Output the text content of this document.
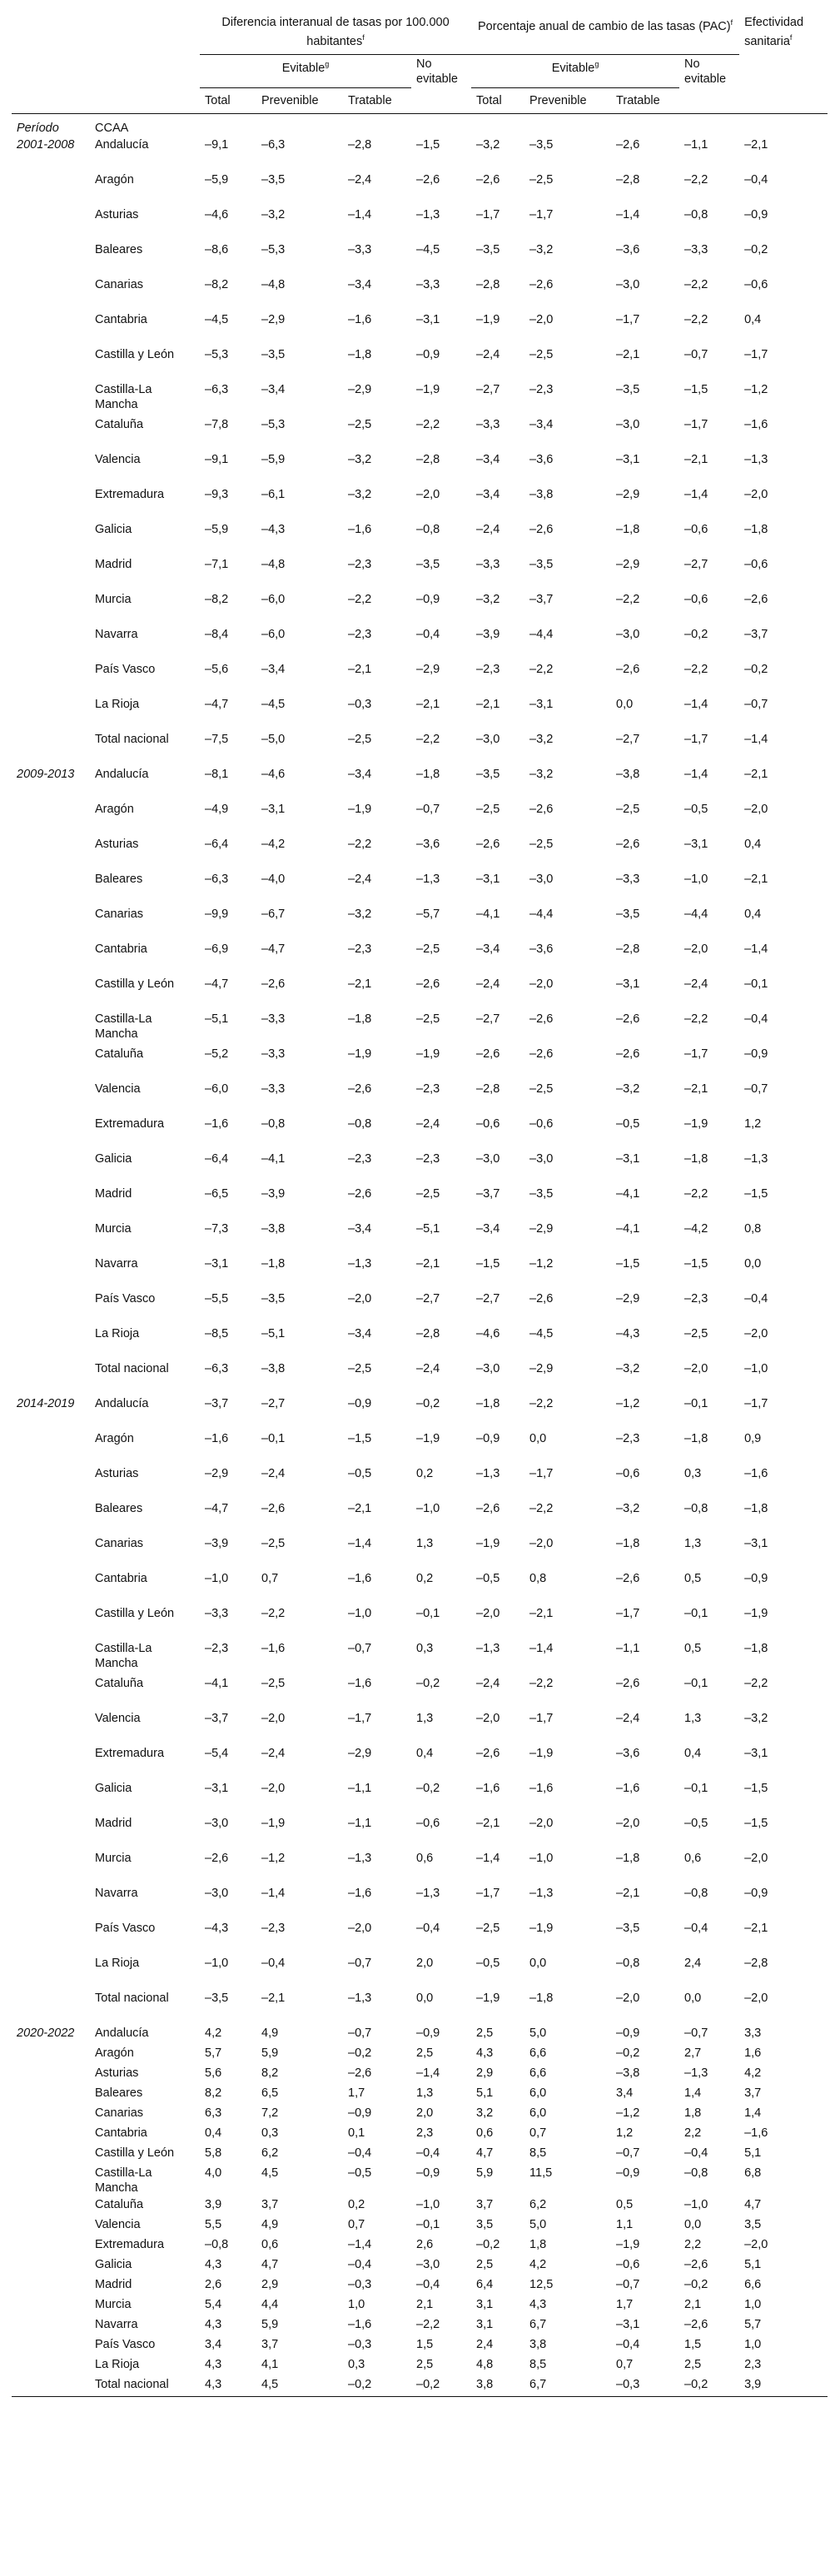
		Diferencia interanual de tasas por 100.000 habitantes$^f$				Porcentaje anual de cambio de las tasas (PAC)$^f$				Efectividad sanitaria$^f$
		Evitable$^g$			No evitable	Evitable$^g$			No evitable	
		Total	Prevenible	Tratable		Total	Prevenible	Tratable		
Período	CCAA									
2001-2008	Andalucía	–9,1	–6,3	–2,8	–1,5	–3,2	–3,5	–2,6	–1,1	–2,1
	Aragón	–5,9	–3,5	–2,4	–2,6	–2,6	–2,5	–2,8	–2,2	–0,4
	Asturias	–4,6	–3,2	–1,4	–1,3	–1,7	–1,7	–1,4	–0,8	–0,9
	Baleares	–8,6	–5,3	–3,3	–4,5	–3,5	–3,2	–3,6	–3,3	–0,2
	Canarias	–8,2	–4,8	–3,4	–3,3	–2,8	–2,6	–3,0	–2,2	–0,6
	Cantabria	–4,5	–2,9	–1,6	–3,1	–1,9	–2,0	–1,7	–2,2	0,4
	Castilla y León	–5,3	–3,5	–1,8	–0,9	–2,4	–2,5	–2,1	–0,7	–1,7
	Castilla-La Mancha	–6,3	–3,4	–2,9	–1,9	–2,7	–2,3	–3,5	–1,5	–1,2
	Cataluña	–7,8	–5,3	–2,5	–2,2	–3,3	–3,4	–3,0	–1,7	–1,6
	Valencia	–9,1	–5,9	–3,2	–2,8	–3,4	–3,6	–3,1	–2,1	–1,3
	Extremadura	–9,3	–6,1	–3,2	–2,0	–3,4	–3,8	–2,9	–1,4	–2,0
	Galicia	–5,9	–4,3	–1,6	–0,8	–2,4	–2,6	–1,8	–0,6	–1,8
	Madrid	–7,1	–4,8	–2,3	–3,5	–3,3	–3,5	–2,9	–2,7	–0,6
	Murcia	–8,2	–6,0	–2,2	–0,9	–3,2	–3,7	–2,2	–0,6	–2,6
	Navarra	–8,4	–6,0	–2,3	–0,4	–3,9	–4,4	–3,0	–0,2	–3,7
	País Vasco	–5,6	–3,4	–2,1	–2,9	–2,3	–2,2	–2,6	–2,2	–0,2
	La Rioja	–4,7	–4,5	–0,3	–2,1	–2,1	–3,1	0,0	–1,4	–0,7
	Total nacional	–7,5	–5,0	–2,5	–2,2	–3,0	–3,2	–2,7	–1,7	–1,4
2009-2013	Andalucía	–8,1	–4,6	–3,4	–1,8	–3,5	–3,2	–3,8	–1,4	–2,1
	Aragón	–4,9	–3,1	–1,9	–0,7	–2,5	–2,6	–2,5	–0,5	–2,0
	Asturias	–6,4	–4,2	–2,2	–3,6	–2,6	–2,5	–2,6	–3,1	0,4
	Baleares	–6,3	–4,0	–2,4	–1,3	–3,1	–3,0	–3,3	–1,0	–2,1
	Canarias	–9,9	–6,7	–3,2	–5,7	–4,1	–4,4	–3,5	–4,4	0,4
	Cantabria	–6,9	–4,7	–2,3	–2,5	–3,4	–3,6	–2,8	–2,0	–1,4
	Castilla y León	–4,7	–2,6	–2,1	–2,6	–2,4	–2,0	–3,1	–2,4	–0,1
	Castilla-La Mancha	–5,1	–3,3	–1,8	–2,5	–2,7	–2,6	–2,6	–2,2	–0,4
	Cataluña	–5,2	–3,3	–1,9	–1,9	–2,6	–2,6	–2,6	–1,7	–0,9
	Valencia	–6,0	–3,3	–2,6	–2,3	–2,8	–2,5	–3,2	–2,1	–0,7
	Extremadura	–1,6	–0,8	–0,8	–2,4	–0,6	–0,6	–0,5	–1,9	1,2
	Galicia	–6,4	–4,1	–2,3	–2,3	–3,0	–3,0	–3,1	–1,8	–1,3
	Madrid	–6,5	–3,9	–2,6	–2,5	–3,7	–3,5	–4,1	–2,2	–1,5
	Murcia	–7,3	–3,8	–3,4	–5,1	–3,4	–2,9	–4,1	–4,2	0,8
	Navarra	–3,1	–1,8	–1,3	–2,1	–1,5	–1,2	–1,5	–1,5	0,0
	País Vasco	–5,5	–3,5	–2,0	–2,7	–2,7	–2,6	–2,9	–2,3	–0,4
	La Rioja	–8,5	–5,1	–3,4	–2,8	–4,6	–4,5	–4,3	–2,5	–2,0
	Total nacional	–6,3	–3,8	–2,5	–2,4	–3,0	–2,9	–3,2	–2,0	–1,0
2014-2019	Andalucía	–3,7	–2,7	–0,9	–0,2	–1,8	–2,2	–1,2	–0,1	–1,7
	Aragón	–1,6	–0,1	–1,5	–1,9	–0,9	0,0	–2,3	–1,8	0,9
	Asturias	–2,9	–2,4	–0,5	0,2	–1,3	–1,7	–0,6	0,3	–1,6
	Baleares	–4,7	–2,6	–2,1	–1,0	–2,6	–2,2	–3,2	–0,8	–1,8
	Canarias	–3,9	–2,5	–1,4	1,3	–1,9	–2,0	–1,8	1,3	–3,1
	Cantabria	–1,0	0,7	–1,6	0,2	–0,5	0,8	–2,6	0,5	–0,9
	Castilla y León	–3,3	–2,2	–1,0	–0,1	–2,0	–2,1	–1,7	–0,1	–1,9
	Castilla-La Mancha	–2,3	–1,6	–0,7	0,3	–1,3	–1,4	–1,1	0,5	–1,8
	Cataluña	–4,1	–2,5	–1,6	–0,2	–2,4	–2,2	–2,6	–0,1	–2,2
	Valencia	–3,7	–2,0	–1,7	1,3	–2,0	–1,7	–2,4	1,3	–3,2
	Extremadura	–5,4	–2,4	–2,9	0,4	–2,6	–1,9	–3,6	0,4	–3,1
	Galicia	–3,1	–2,0	–1,1	–0,2	–1,6	–1,6	–1,6	–0,1	–1,5
	Madrid	–3,0	–1,9	–1,1	–0,6	–2,1	–2,0	–2,0	–0,5	–1,5
	Murcia	–2,6	–1,2	–1,3	0,6	–1,4	–1,0	–1,8	0,6	–2,0
	Navarra	–3,0	–1,4	–1,6	–1,3	–1,7	–1,3	–2,1	–0,8	–0,9
	País Vasco	–4,3	–2,3	–2,0	–0,4	–2,5	–1,9	–3,5	–0,4	–2,1
	La Rioja	–1,0	–0,4	–0,7	2,0	–0,5	0,0	–0,8	2,4	–2,8
	Total nacional	–3,5	–2,1	–1,3	0,0	–1,9	–1,8	–2,0	0,0	–2,0
2020-2022	Andalucía	4,2	4,9	–0,7	–0,9	2,5	5,0	–0,9	–0,7	3,3
	Aragón	5,7	5,9	–0,2	2,5	4,3	6,6	–0,2	2,7	1,6
	Asturias	5,6	8,2	–2,6	–1,4	2,9	6,6	–3,8	–1,3	4,2
	Baleares	8,2	6,5	1,7	1,3	5,1	6,0	3,4	1,4	3,7
	Canarias	6,3	7,2	–0,9	2,0	3,2	6,0	–1,2	1,8	1,4
	Cantabria	0,4	0,3	0,1	2,3	0,6	0,7	1,2	2,2	–1,6
	Castilla y León	5,8	6,2	–0,4	–0,4	4,7	8,5	–0,7	–0,4	5,1
	Castilla-La Mancha	4,0	4,5	–0,5	–0,9	5,9	11,5	–0,9	–0,8	6,8
	Cataluña	3,9	3,7	0,2	–1,0	3,7	6,2	0,5	–1,0	4,7
	Valencia	5,5	4,9	0,7	–0,1	3,5	5,0	1,1	0,0	3,5
	Extremadura	–0,8	0,6	–1,4	2,6	–0,2	1,8	–1,9	2,2	–2,0
	Galicia	4,3	4,7	–0,4	–3,0	2,5	4,2	–0,6	–2,6	5,1
	Madrid	2,6	2,9	–0,3	–0,4	6,4	12,5	–0,7	–0,2	6,6
	Murcia	5,4	4,4	1,0	2,1	3,1	4,3	1,7	2,1	1,0
	Navarra	4,3	5,9	–1,6	–2,2	3,1	6,7	–3,1	–2,6	5,7
	País Vasco	3,4	3,7	–0,3	1,5	2,4	3,8	–0,4	1,5	1,0
	La Rioja	4,3	4,1	0,3	2,5	4,8	8,5	0,7	2,5	2,3
	Total nacional	4,3	4,5	–0,2	–0,2	3,8	6,7	–0,3	–0,2	3,9
